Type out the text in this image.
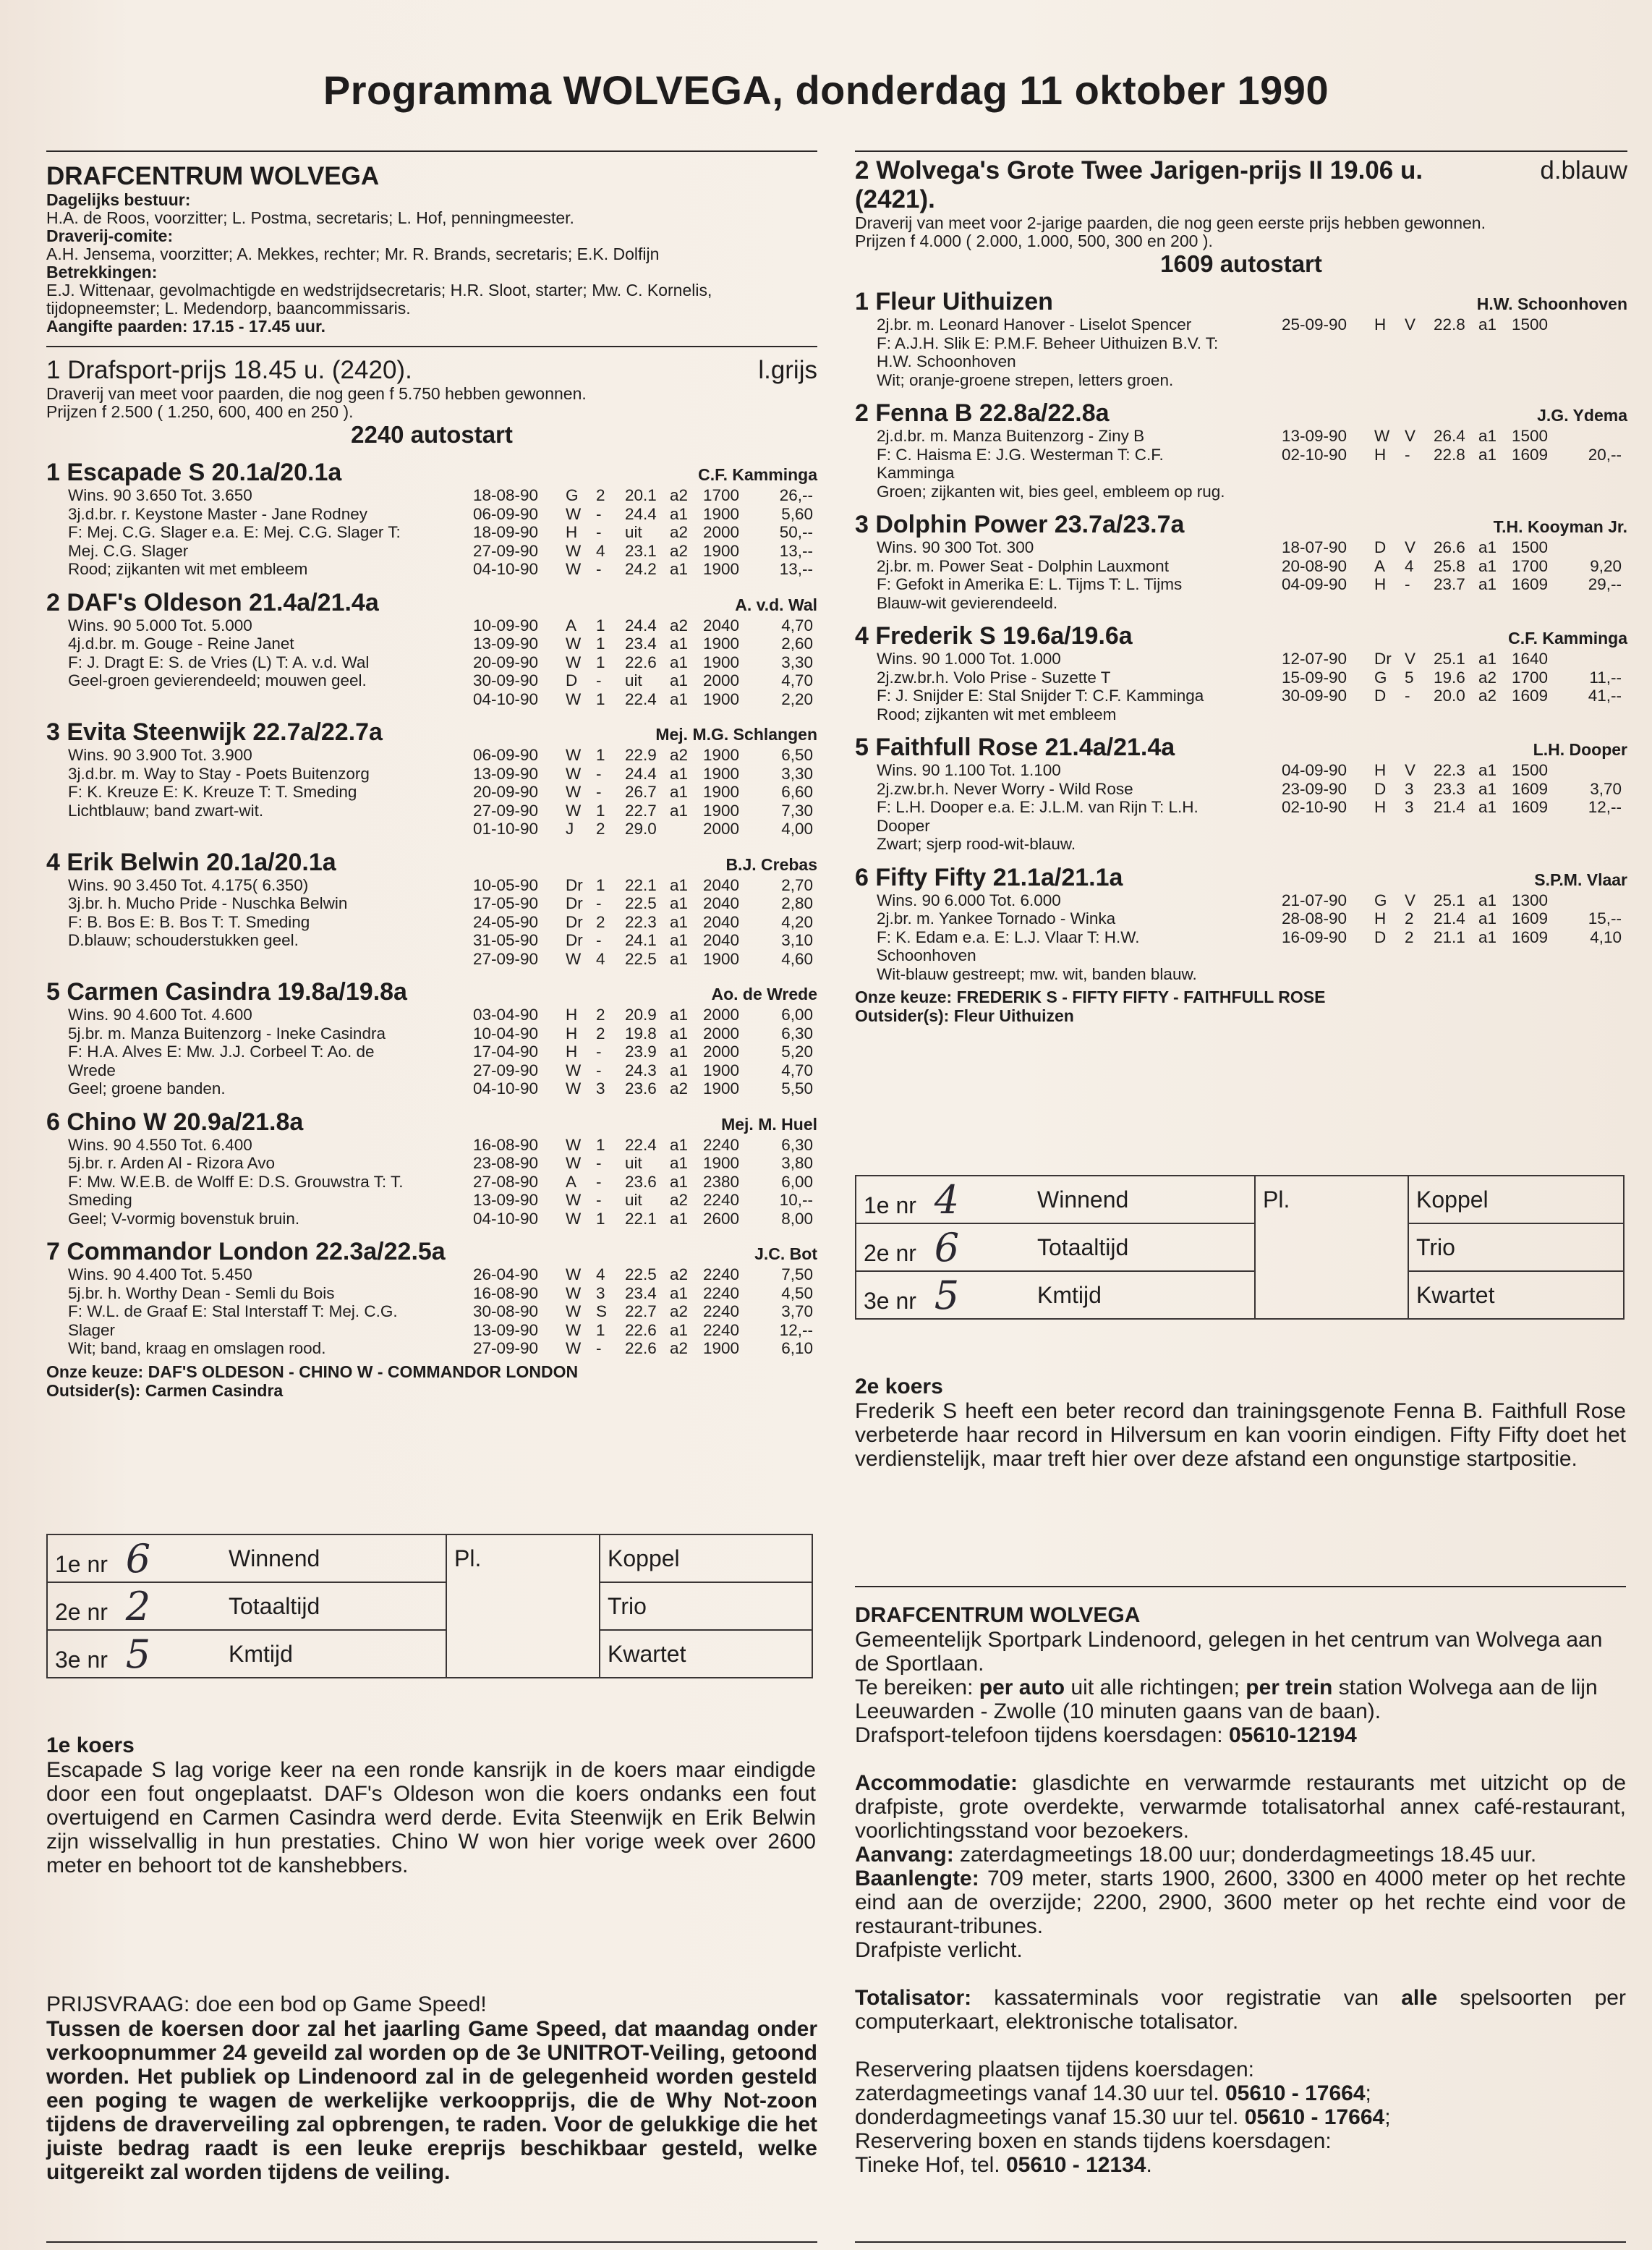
Programma WOLVEGA, donderdag 11 oktober 1990
DRAFCENTRUM WOLVEGA
Dagelijks bestuur:
H.A. de Roos, voorzitter; L. Postma, secretaris; L. Hof, penningmeester.
Draverij-comite:
A.H. Jensema, voorzitter; A. Mekkes, rechter; Mr. R. Brands, secretaris; E.K. Dolfijn
Betrekkingen:
E.J. Wittenaar, gevolmachtigde en wedstrijdsecretaris; H.R. Sloot, starter; Mw. C. Kornelis,
tijdopneemster; L. Medendorp, baancommissaris.
Aangifte paarden: 17.15 - 17.45 uur.
1 Drafsport-prijs 18.45 u. (2420).	l.grijs
Draverij van meet voor paarden, die nog geen f 5.750 hebben gewonnen.
Prijzen f 2.500 ( 1.250, 600, 400 en 250 ).
2240 autostart
1 Escapade S 20.1a/20.1a	C.F. Kamminga
Wins. 90 3.650 Tot. 3.650
3j.d.br. r. Keystone Master - Jane Rodney
F: Mej. C.G. Slager e.a. E: Mej. C.G. Slager T:
Mej. C.G. Slager
Rood; zijkanten wit met embleem
18-08-90	G	2	20.1 a2 1700	26,--
06-09-90	W -	24.4 a1 1900	5,60
18-09-90	H	-	uit	a2 2000	50,--
27-09-90	W 4	23.1 a2 1900	13,--
04-10-90	W -	24.2 a1 1900	13,--
2 DAF's Oldeson 21.4a/21.4a	A. v.d. Wal
Wins. 90 5.000 Tot. 5.000
4j.d.br. m. Gouge - Reine Janet
F: J. Dragt E: S. de Vries (L) T: A. v.d. Wal
Geel-groen gevierendeeld; mouwen geel.
10-09-90	A	1	24.4 a2 2040	4,70
13-09-90	W 1	23.4 a1 1900	2,60
20-09-90	W 1	22.6 a1 1900	3,30
30-09-90	D	-	uit	a1 2000	4,70
04-10-90	W 1	22.4 a1 1900	2,20
3 Evita Steenwijk 22.7a/22.7a	Mej. M.G. Schlangen
Wins. 90 3.900 Tot. 3.900
3j.d.br. m. Way to Stay - Poets Buitenzorg
F: K. Kreuze E: K. Kreuze T: T. Smeding
Lichtblauw; band zwart-wit.
06-09-90	W 1	22.9 a2 1900	6,50
13-09-90	W -	24.4 a1 1900	3,30
20-09-90	W -	26.7 a1 1900	6,60
27-09-90	W 1	22.7 a1 1900	7,30
01-10-90	J	2	29.0	2000	4,00
4 Erik Belwin 20.1a/20.1a	B.J. Crebas
Wins. 90 3.450 Tot. 4.175( 6.350)
3j.br. h. Mucho Pride - Nuschka Belwin
F: B. Bos E: B. Bos T: T. Smeding
D.blauw; schouderstukken geel.
10-05-90	Dr 1	22.1 a1 2040	2,70
17-05-90	Dr -	22.5 a1 2040	2,80
24-05-90	Dr 2	22.3 a1 2040	4,20
31-05-90	Dr -	24.1 a1 2040	3,10
27-09-90	W 4	22.5 a1 1900	4,60
5 Carmen Casindra 19.8a/19.8a	Ao. de Wrede
Wins. 90 4.600 Tot. 4.600
5j.br. m. Manza Buitenzorg - Ineke Casindra
F: H.A. Alves E: Mw. J.J. Corbeel T: Ao. de
Wrede
Geel; groene banden.
03-04-90	H	2	20.9 a1 2000	6,00
10-04-90	H	2	19.8 a1 2000	6,30
17-04-90	H	-	23.9 a1 2000	5,20
27-09-90	W -	24.3 a1 1900	4,70
04-10-90	W 3	23.6 a2 1900	5,50
6 Chino W 20.9a/21.8a	Mej. M. Huel
Wins. 90 4.550 Tot. 6.400
5j.br. r. Arden Al - Rizora Avo
F: Mw. W.E.B. de Wolff E: D.S. Grouwstra T: T.
Smeding
Geel; V-vormig bovenstuk bruin.
16-08-90	W 1	22.4 a1 2240	6,30
23-08-90	W -	uit	a1 1900	3,80
27-08-90	A	-	23.6 a1 2380	6,00
13-09-90	W -	uit	a2 2240	10,--
04-10-90	W 1	22.1 a1 2600	8,00
7 Commandor London 22.3a/22.5a	J.C. Bot
Wins. 90 4.400 Tot. 5.450
5j.br. h. Worthy Dean - Semli du Bois
F: W.L. de Graaf E: Stal Interstaff T: Mej. C.G.
Slager
Wit; band, kraag en omslagen rood.
26-04-90	W 4	22.5 a2 2240	7,50
16-08-90	W 3	23.4 a1 2240	4,50
30-08-90	W S	22.7 a2 2240	3,70
13-09-90	W 1	22.6 a1 2240	12,--
27-09-90	W -	22.6 a2 1900	6,10
Onze keuze: DAF'S OLDESON - CHINO W - COMMANDOR LONDON
Outsider(s): Carmen Casindra
1e nr 6	Winnend	Pl.	Koppel
2e nr 2	Totaaltijd		Trio
3e nr 5	Kmtijd		Kwartet
1e koers
Escapade S lag vorige keer na een ronde kansrijk in de koers maar eindigde door een fout ongeplaatst. DAF's Oldeson won die koers ondanks een fout overtuigend en Carmen Casindra werd derde. Evita Steenwijk en Erik Belwin zijn wisselvallig in hun prestaties. Chino W won hier vorige week over 2600 meter en behoort tot de kanshebbers.
PRIJSVRAAG: doe een bod op Game Speed!
Tussen de koersen door zal het jaarling Game Speed, dat maandag onder verkoopnummer 24 geveild zal worden op de 3e UNITROT-Veiling, getoond worden. Het publiek op Lindenoord zal in de gelegenheid worden gesteld een poging te wagen de werkelijke verkoopprijs, die de Why Not-zoon tijdens de draverveiling zal opbrengen, te raden. Voor de gelukkige die het juiste bedrag raadt is een leuke ereprijs beschikbaar gesteld, welke uitgereikt zal worden tijdens de veiling.
2 Wolvega's Grote Twee Jarigen-prijs II 19.06 u.	d.blauw
(2421).
Draverij van meet voor 2-jarige paarden, die nog geen eerste prijs hebben gewonnen.
Prijzen f 4.000 ( 2.000, 1.000, 500, 300 en 200 ).
1609 autostart
1 Fleur Uithuizen	H.W. Schoonhoven
2j.br. m. Leonard Hanover - Liselot Spencer
F: A.J.H. Slik E: P.M.F. Beheer Uithuizen B.V. T:
H.W. Schoonhoven
Wit; oranje-groene strepen, letters groen.
25-09-90	H	V	22.8 a1 1500
2 Fenna B 22.8a/22.8a	J.G. Ydema
2j.d.br. m. Manza Buitenzorg - Ziny B
F: C. Haisma E: J.G. Westerman T: C.F.
Kamminga
Groen; zijkanten wit, bies geel, embleem op rug.
13-09-90	W V	26.4 a1 1500
02-10-90	H	-	22.8 a1 1609	20,--
3 Dolphin Power 23.7a/23.7a	T.H. Kooyman Jr.
Wins. 90 300 Tot. 300
2j.br. m. Power Seat - Dolphin Lauxmont
F: Gefokt in Amerika E: L. Tijms T: L. Tijms
Blauw-wit gevierendeeld.
18-07-90	D	V	26.6 a1 1500
20-08-90	A	4	25.8 a1 1700	9,20
04-09-90	H	-	23.7 a1 1609	29,--
4 Frederik S 19.6a/19.6a	C.F. Kamminga
Wins. 90 1.000 Tot. 1.000
2j.zw.br.h. Volo Prise - Suzette T
F: J. Snijder E: Stal Snijder T: C.F. Kamminga
Rood; zijkanten wit met embleem
12-07-90	Dr V	25.1 a1 1640
15-09-90	G	5	19.6 a2 1700	11,--
30-09-90	D	-	20.0 a2 1609	41,--
5 Faithfull Rose 21.4a/21.4a	L.H. Dooper
Wins. 90 1.100 Tot. 1.100
2j.zw.br.h. Never Worry - Wild Rose
F: L.H. Dooper e.a. E: J.L.M. van Rijn T: L.H.
Dooper
Zwart; sjerp rood-wit-blauw.
04-09-90	H	V	22.3 a1 1500
23-09-90	D	3	23.3 a1 1609	3,70
02-10-90	H	3	21.4 a1 1609	12,--
6 Fifty Fifty 21.1a/21.1a	S.P.M. Vlaar
Wins. 90 6.000 Tot. 6.000
2j.br. m. Yankee Tornado - Winka
F: K. Edam e.a. E: L.J. Vlaar T: H.W.
Schoonhoven
Wit-blauw gestreept; mw. wit, banden blauw.
21-07-90	G	V	25.1 a1 1300
28-08-90	H	2	21.4 a1 1609	15,--
16-09-90	D	2	21.1 a1 1609	4,10
Onze keuze: FREDERIK S - FIFTY FIFTY - FAITHFULL ROSE
Outsider(s): Fleur Uithuizen
1e nr 4	Winnend	Pl.	Koppel
2e nr 6	Totaaltijd		Trio
3e nr 5	Kmtijd		Kwartet
2e koers
Frederik S heeft een beter record dan trainingsgenote Fenna B. Faithfull Rose verbeterde haar record in Hilversum en kan voorin eindigen. Fifty Fifty doet het verdienstelijk, maar treft hier over deze afstand een ongunstige startpositie.
DRAFCENTRUM WOLVEGA
Gemeentelijk Sportpark Lindenoord, gelegen in het centrum van Wolvega aan de Sportlaan.
Te bereiken: per auto uit alle richtingen; per trein station Wolvega aan de lijn Leeuwarden - Zwolle (10 minuten gaans van de baan).
Drafsport-telefoon tijdens koersdagen: 05610-12194
Accommodatie: glasdichte en verwarmde restaurants met uitzicht op de drafpiste, grote overdekte, verwarmde totalisatorhal annex café-restaurant, voorlichtingsstand voor bezoekers.
Aanvang: zaterdagmeetings 18.00 uur; donderdagmeetings 18.45 uur.
Baanlengte: 709 meter, starts 1900, 2600, 3300 en 4000 meter op het rechte eind aan de overzijde; 2200, 2900, 3600 meter op het rechte eind voor de restaurant-tribunes.
Drafpiste verlicht.
Totalisator: kassaterminals voor registratie van alle spelsoorten per computerkaart, elektronische totalisator.
Reservering plaatsen tijdens koersdagen:
zaterdagmeetings vanaf 14.30 uur tel. 05610 - 17664;
donderdagmeetings vanaf 15.30 uur tel. 05610 - 17664;
Reservering boxen en stands tijdens koersdagen:
Tineke Hof, tel. 05610 - 12134.
